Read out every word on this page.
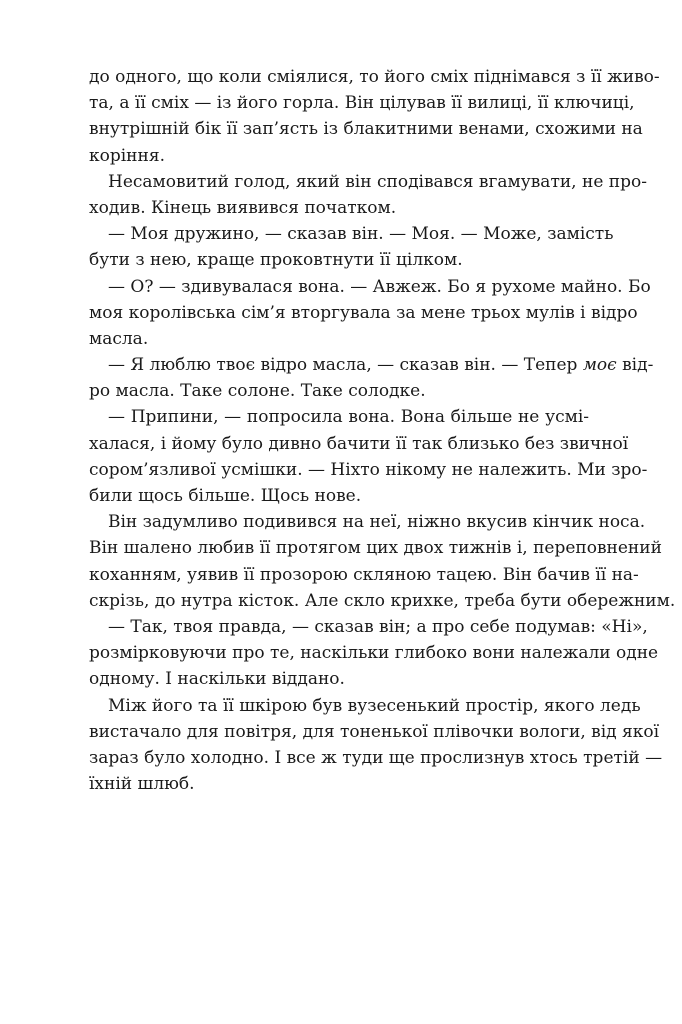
до одного, що коли сміялися, то його сміх піднімався з її живо-
та, а її сміх — із його горла. Він цілував її вилиці, її ключиці,
внутрішній бік її зап’ясть із блакитними венами, схожими на
коріння.
Несамовитий голод, який він сподівався вгамувати, не про-
ходив. Кінець виявився початком.
— Моя дружино, — сказав він. — Моя. — Може, замість
бути з нею, краще проковтнути її цілком.
— О? — здивувалася вона. — Авжеж. Бо я рухоме майно. Бо
моя королівська сім’я вторгувала за мене трьох мулів і відро
масла.
— Я люблю твоє відро масла, — сказав він. — Тепер моє від-
ро масла. Таке солоне. Таке солодке.
— Припини, — попросила вона. Вона більше не усмі-
халася, і йому було дивно бачити її так близько без звичної
сором’язливої усмішки. — Ніхто нікому не належить. Ми зро-
били щось більше. Щось нове.
Він задумливо подивився на неї, ніжно вкусив кінчик носа.
Він шалено любив її протягом цих двох тижнів і, переповнений
коханням, уявив її прозорою скляною тацею. Він бачив її на-
скрізь, до нутра кісток. Але скло крихке, треба бути обережним.
— Так, твоя правда, — сказав він; а про себе подумав: «Ні»,
розмірковуючи про те, наскільки глибоко вони належали одне
одному. І наскільки віддано.
Між його та її шкірою був вузесенький простір, якого ледь
вистачало для повітря, для тоненької плівочки вологи, від якої
зараз було холодно. І все ж туди ще прослизнув хтось третій —
їхній шлюб.
